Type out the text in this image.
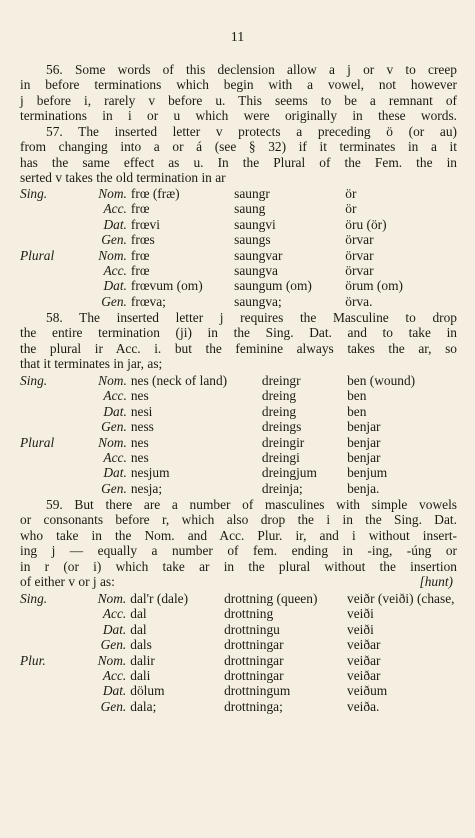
11
56. Some words of this declension allow a j or v to creep
in before terminations which begin with a vowel, not however
j before i, rarely v before u. This seems to be a remnant of
terminations in i or u which were originally in these words.
57. The inserted letter v protects a preceding ö (or au)
from changing into a or á (see § 32) if it terminates in a it
has the same effect as u. In the Plural of the Fem. the in
serted v takes the old termination in ar
Sing.	Nom.	frœ (fræ)	saungr	ör
	Acc.	frœ	saung	ör
	Dat.	frœvi	saungvi	öru (ör)
	Gen.	frœs	saungs	örvar
Plural	Nom.	frœ	saungvar	örvar
	Acc.	frœ	saungva	örvar
	Dat.	frœvum (om)	saungum (om)	örum (om)
	Gen.	frœva;	saungva;	örva.
58. The inserted letter j requires the Masculine to drop
the entire termination (ji) in the Sing. Dat. and to take in
the plural ir Acc. i. but the feminine always takes the ar, so
that it terminates in jar, as;
Sing.	Nom.	nes (neck of land)	dreingr	ben (wound)
	Acc.	nes	dreing	ben
	Dat.	nesi	dreing	ben
	Gen.	ness	dreings	benjar
Plural	Nom.	nes	dreingir	benjar
	Acc.	nes	dreingi	benjar
	Dat.	nesjum	dreingjum	benjum
	Gen.	nesja;	dreinja;	benja.
59. But there are a number of masculines with simple vowels
or consonants before r, which also drop the i in the Sing. Dat.
who take in the Nom. and Acc. Plur. ir, and i without insert-
ing j — equally a number of fem. ending in -ing, -úng or
in r (or i) which take ar in the plural without the insertion
of either v or j as:	[hunt)
Sing.	Nom.	dal'r (dale)	drottning (queen)	veiðr (veiði) (chase,
	Acc.	dal	drottning	veiði
	Dat.	dal	drottningu	veiði
	Gen.	dals	drottningar	veiðar
Plur.	Nom.	dalir	drottningar	veiðar
	Acc.	dali	drottningar	veiðar
	Dat.	dölum	drottningum	veiðum
	Gen.	dala;	drottninga;	veiða.
